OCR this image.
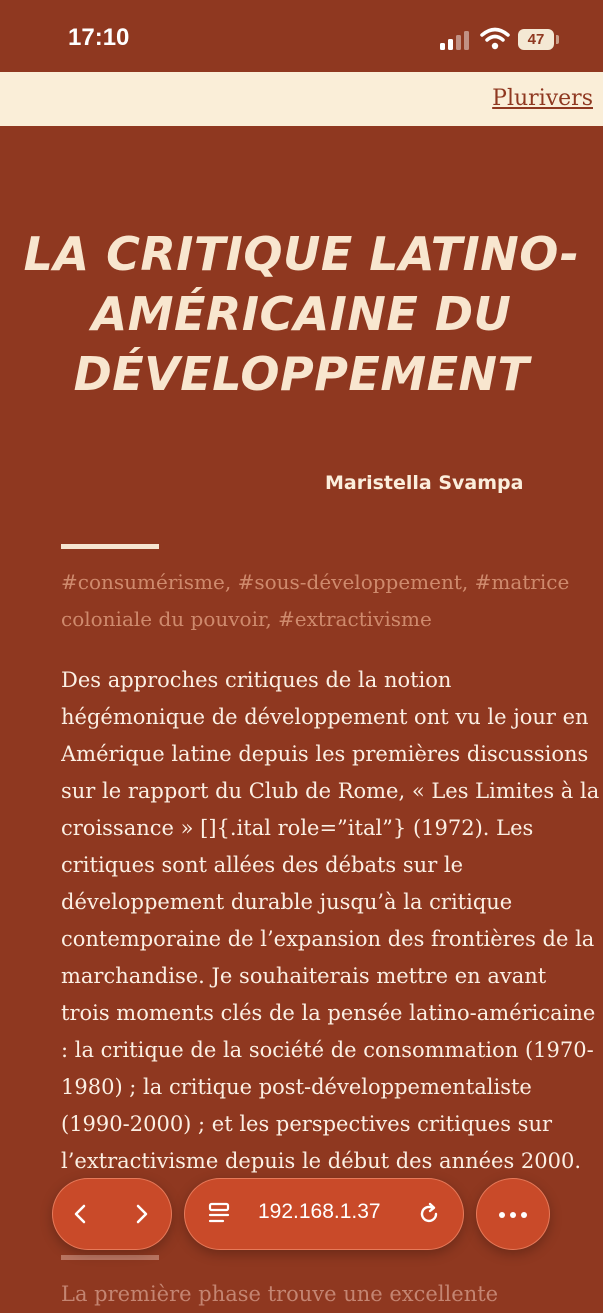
17:10	47
Plurivers
LA CRITIQUE LATINO-AMÉRICAINE DU DÉVELOPPEMENT
Maristella Svampa
#consumérisme, #sous-développement, #matrice coloniale du pouvoir, #extractivisme

Des approches critiques de la notion hégémonique de développement ont vu le jour en Amérique latine depuis les premières discussions sur le rapport du Club de Rome, « Les Limites à la croissance » []{.ital role=”ital”} (1972). Les critiques sont allées des débats sur le développement durable jusqu’à la critique contemporaine de l’expansion des frontières de la marchandise. Je souhaiterais mettre en avant trois moments clés de la pensée latino-américaine : la critique de la société de consommation (1970-1980) ; la critique post-développementaliste (1990-2000) ; et les perspectives critiques sur l’extractivisme depuis le début des années 2000.

La première phase trouve une excellente
192.168.1.37
